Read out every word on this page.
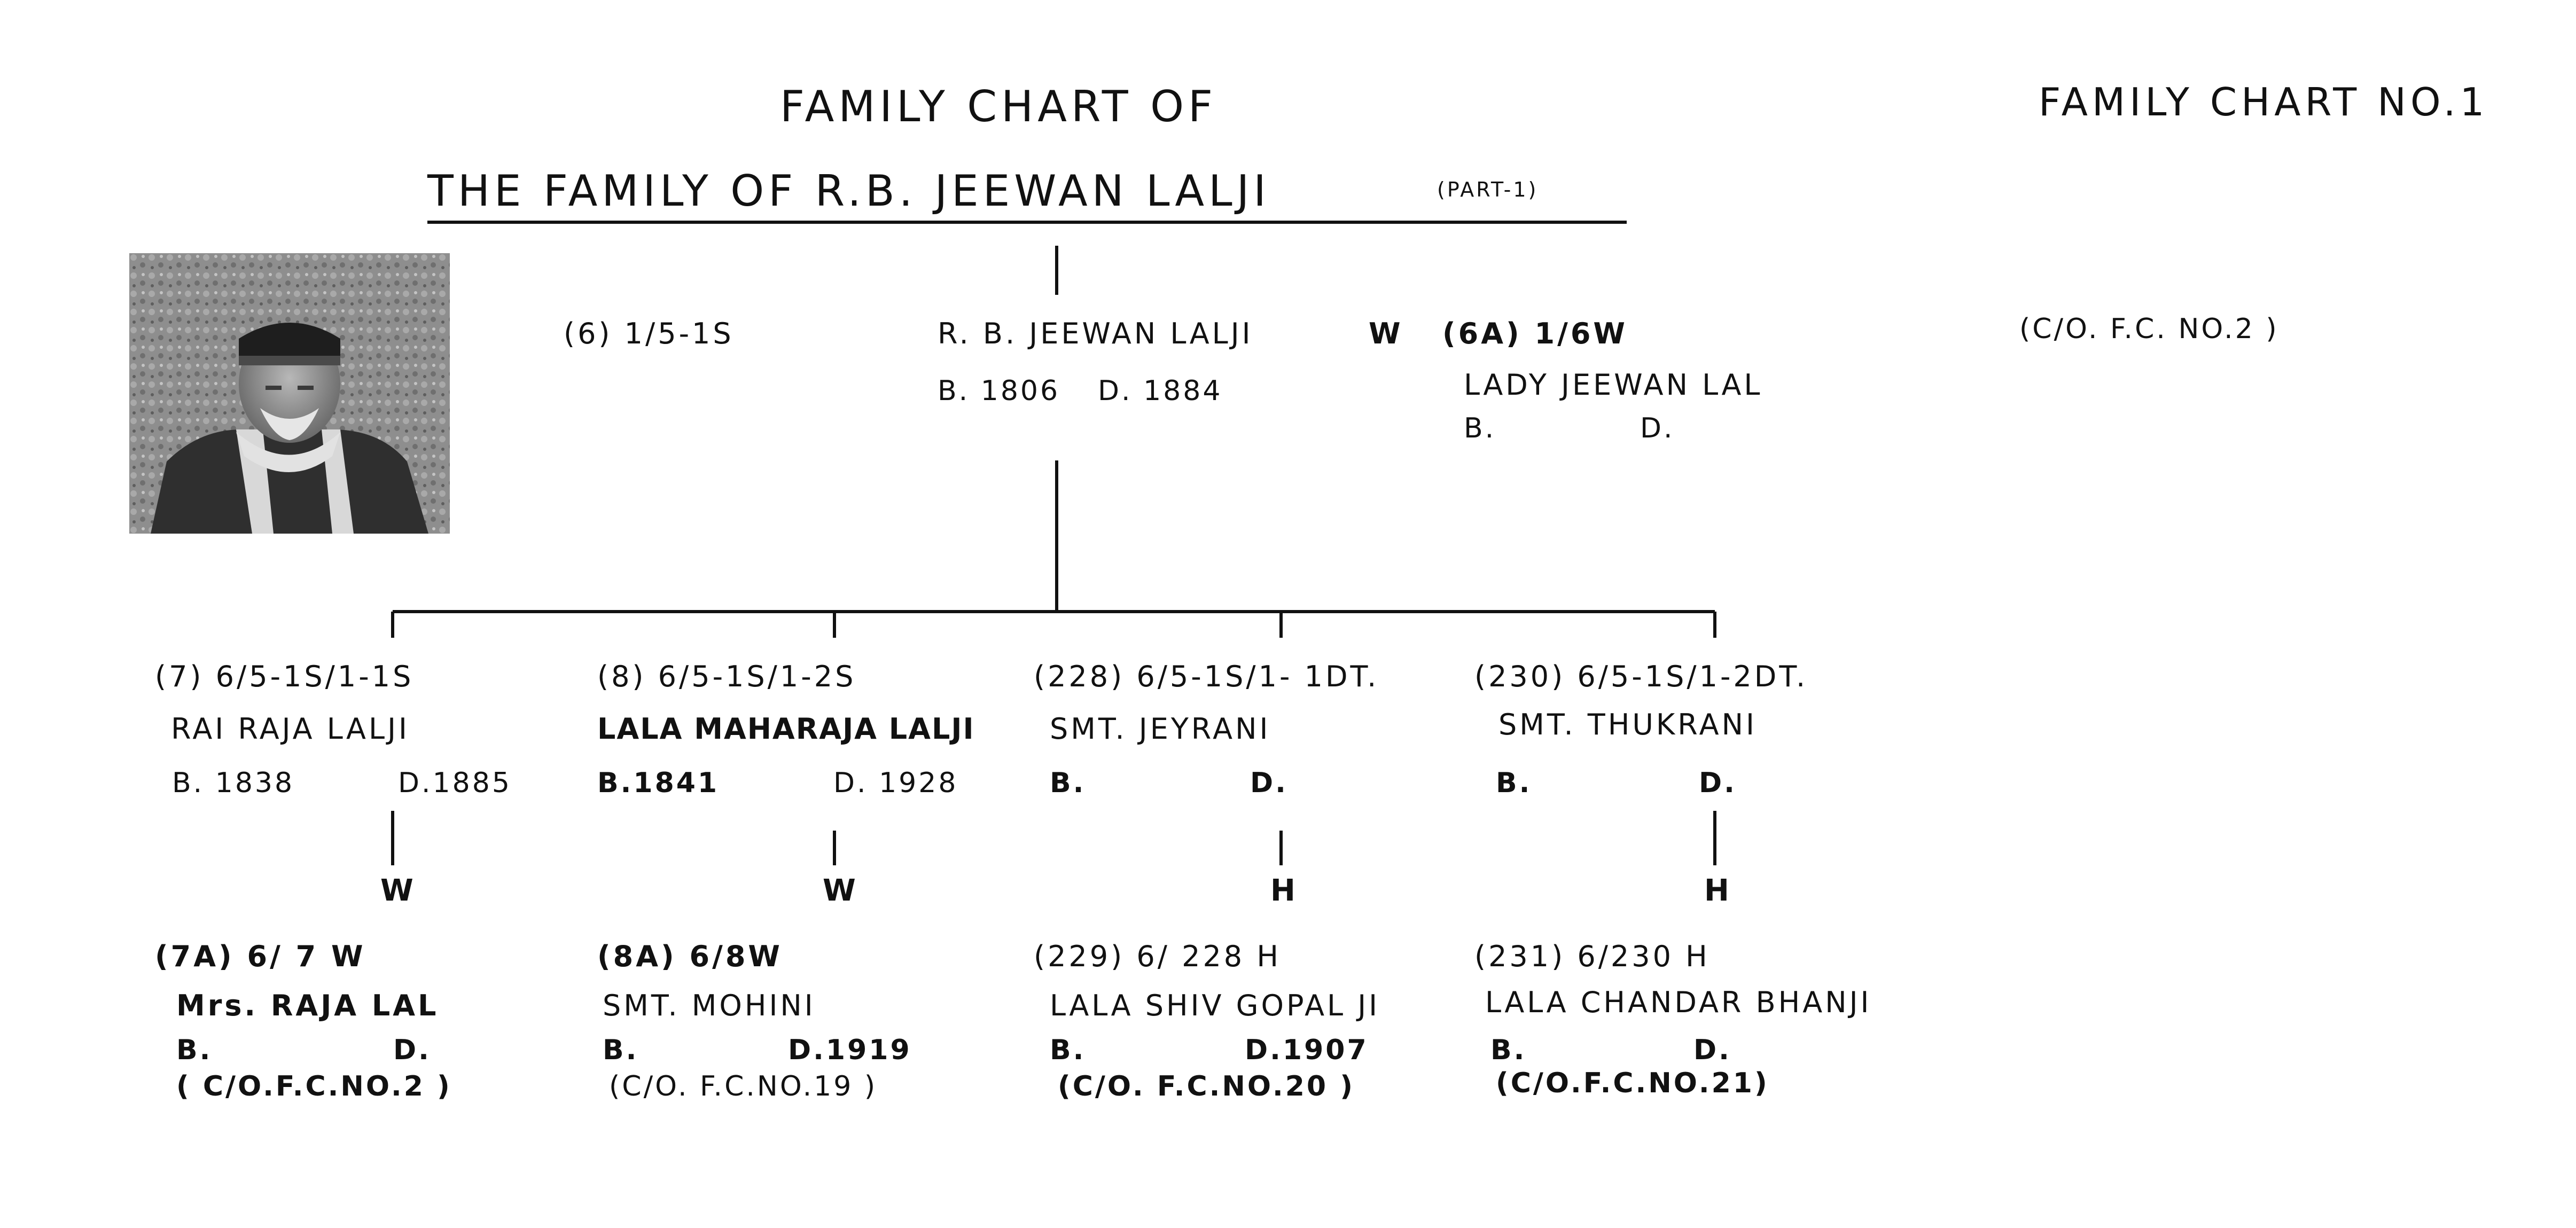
FAMILY CHART OF
THE FAMILY OF R.B. JEEWAN LALJI	(PART-1)
FAMILY CHART NO.1
(6) 1/5-1S	R. B. JEEWAN LALJI	W
B. 1806 D. 1884
(6A) 1/6W
LADY JEEWAN LAL
B.	D.
(C/O. F.C. NO.2 )
(7) 6/5-1S/1-1S
RAI RAJA LALJI
B. 1838	D.1885
W
(7A) 6/ 7 W
Mrs. RAJA LAL
B.	D.
( C/O.F.C.NO.2 )
(8) 6/5-1S/1-2S
LALA MAHARAJA LALJI
B.1841	D. 1928
W
(8A) 6/8W
SMT. MOHINI
B.	D.1919
(C/O. F.C.NO.19 )
(228) 6/5-1S/1- 1DT.
SMT. JEYRANI
B.	D.
H
(229) 6/ 228 H
LALA SHIV GOPAL JI
B.	D.1907
(C/O. F.C.NO.20 )
(230) 6/5-1S/1-2DT.
SMT. THUKRANI
B.	D.
H
(231) 6/230 H
LALA CHANDAR BHANJI
B.	D.
(C/O.F.C.NO.21)
